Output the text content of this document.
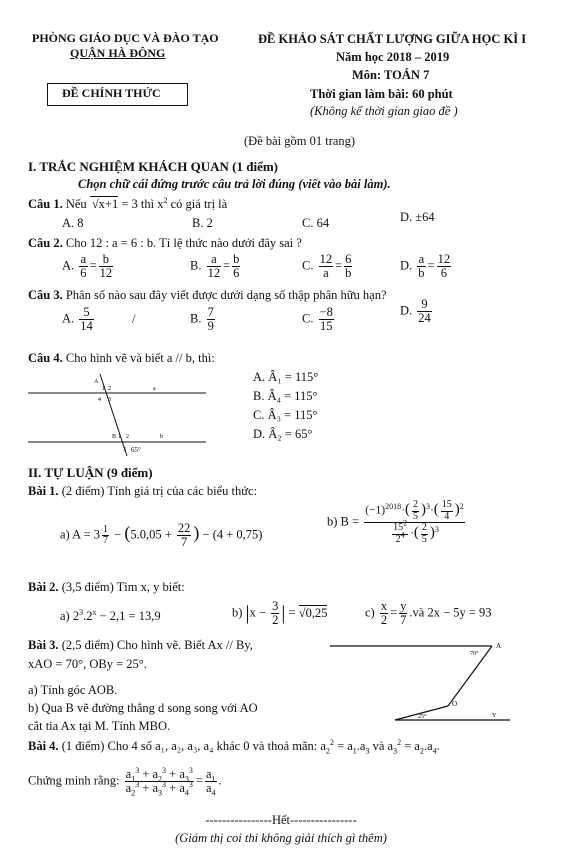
PHÒNG GIÁO DỤC VÀ ĐÀO TẠO
QUẬN HÀ ĐÔNG
ĐỀ CHÍNH THỨC
ĐỀ KHẢO SÁT CHẤT LƯỢNG GIỮA HỌC KÌ I
Năm học 2018 – 2019
Môn: TOÁN 7
Thời gian làm bài: 60 phút
(Không kể thời gian giao đề )
(Đề bài gồm 01 trang)
I. TRẮC NGHIỆM KHÁCH QUAN (1 điểm)
Chọn chữ cái đứng trước câu trả lời đúng (viết vào bài làm).
Câu 1. Nếu √x+1 = 3 thì $x^2$ có giá trị là
A. 8	B. 2	C. 64	D. ±64
Câu 2. Cho 12 : a = 6 : b. Tỉ lệ thức nào dưới đây sai ?
A. $\frac{a}{6} = \frac{b}{12}$	B. $\frac{a}{12} = \frac{b}{6}$	C. $\frac{12}{a} = \frac{6}{b}$	D. $\frac{a}{b} = \frac{12}{6}$
Câu 3. Phân số nào sau đây viết được dưới dạng số thập phân hữu hạn?
A. $\frac{5}{14}$	/	B. $\frac{7}{9}$	C. $\frac{-8}{15}$	D. $\frac{9}{24}$
Câu 4. Cho hình vẽ và biết a // b, thì:
A
1 2	a
4 3
B 1 2	b
3 65°
A. Â₁ = 115°
B. Â₄ = 115°
C. Â₃ = 115°
D. Â₂ = 65°
II. TỰ LUẬN (9 điểm)
Bài 1. (2 điểm) Tính giá trị của các biểu thức:
a) $A = 3 \frac{1}{7} - (5.0,05 + \frac{22}{7}$ ) − (4 + 0,75)
b) $B = \frac{(-1)^{2018}\cdot( \frac{2}{5} )^3\cdot( \frac{15}{4} )^2}{\frac{15^2}{2^4} \cdot( \frac{2}{5} )^3}$
Bài 2. (3,5 điểm) Tìm x, y biết:
a) $2^3.2^x - 2,1 = 13,9$	b) $|x - \frac{3}{2}$ | = √0,25	$c) \frac{x}{2} = \frac{y}{7}$ .và 2x − 5y = 93
Bài 3. (2,5 điểm) Cho hình vẽ. Biết Ax // By,
xAO = 70°, OBy = 25°.
a) Tính góc AOB.
b) Qua B vẽ đường thẳng d song song với AO
cắt tia Ax tại M. Tính MBO.
70°
A
O
25°	Y
Bài 4. (1 điểm) Cho 4 số a₁, a₂, a₃, a₄ khác 0 và thoả mãn: $a_2^2 = a_1.a_3$ và $a_3^2 = a_2.a_4$.
Chứng minh rằng: $\frac{a_1^3 + a_2^3 + a_3^3}{a_2^3 + a_3^3 + a_4^3} = \frac{a_1}{a_4}$ .
----------------Hết----------------
(Giám thị coi thi không giải thích gì thêm)
